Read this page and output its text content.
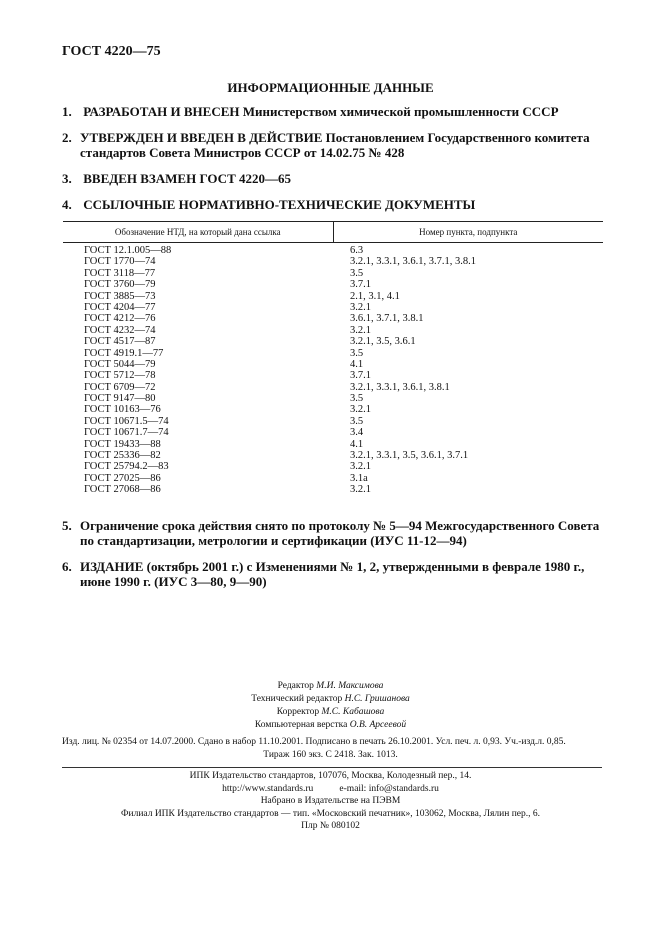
ГОСТ 4220—75
ИНФОРМАЦИОННЫЕ ДАННЫЕ
1. РАЗРАБОТАН И ВНЕСЕН Министерством химической промышленности СССР
2. УТВЕРЖДЕН И ВВЕДЕН В ДЕЙСТВИЕ Постановлением Государственного комитета стандартов Совета Министров СССР от 14.02.75 № 428
3. ВВЕДЕН ВЗАМЕН ГОСТ 4220—65
4. ССЫЛОЧНЫЕ НОРМАТИВНО-ТЕХНИЧЕСКИЕ ДОКУМЕНТЫ
Обозначение НТД, на который дана ссылка	Номер пункта, подпункта
ГОСТ 12.1.005—88	6.3
ГОСТ 1770—74	3.2.1, 3.3.1, 3.6.1, 3.7.1, 3.8.1
ГОСТ 3118—77	3.5
ГОСТ 3760—79	3.7.1
ГОСТ 3885—73	2.1, 3.1, 4.1
ГОСТ 4204—77	3.2.1
ГОСТ 4212—76	3.6.1, 3.7.1, 3.8.1
ГОСТ 4232—74	3.2.1
ГОСТ 4517—87	3.2.1, 3.5, 3.6.1
ГОСТ 4919.1—77	3.5
ГОСТ 5044—79	4.1
ГОСТ 5712—78	3.7.1
ГОСТ 6709—72	3.2.1, 3.3.1, 3.6.1, 3.8.1
ГОСТ 9147—80	3.5
ГОСТ 10163—76	3.2.1
ГОСТ 10671.5—74	3.5
ГОСТ 10671.7—74	3.4
ГОСТ 19433—88	4.1
ГОСТ 25336—82	3.2.1, 3.3.1, 3.5, 3.6.1, 3.7.1
ГОСТ 25794.2—83	3.2.1
ГОСТ 27025—86	3.1а
ГОСТ 27068—86	3.2.1
5. Ограничение срока действия снято по протоколу № 5—94 Межгосударственного Совета по стандартизации, метрологии и сертификации (ИУС 11-12—94)
6. ИЗДАНИЕ (октябрь 2001 г.) с Изменениями № 1, 2, утвержденными в феврале 1980 г., июне 1990 г. (ИУС 3—80, 9—90)
Редактор М.И. Максимова
Технический редактор Н.С. Гришанова
Корректор М.С. Кабашова
Компьютерная верстка О.В. Арсеевой
Изд. лиц. № 02354 от 14.07.2000. Сдано в набор 11.10.2001. Подписано в печать 26.10.2001. Усл. печ. л. 0,93. Уч.-изд.л. 0,85.
Тираж 160 экз. С 2418. Зак. 1013.
ИПК Издательство стандартов, 107076, Москва, Колодезный пер., 14.
http://www.standards.ru	e-mail: info@standards.ru
Набрано в Издательстве на ПЭВМ
Филиал ИПК Издательство стандартов — тип. «Московский печатник», 103062, Москва, Лялин пер., 6.
Плр № 080102
